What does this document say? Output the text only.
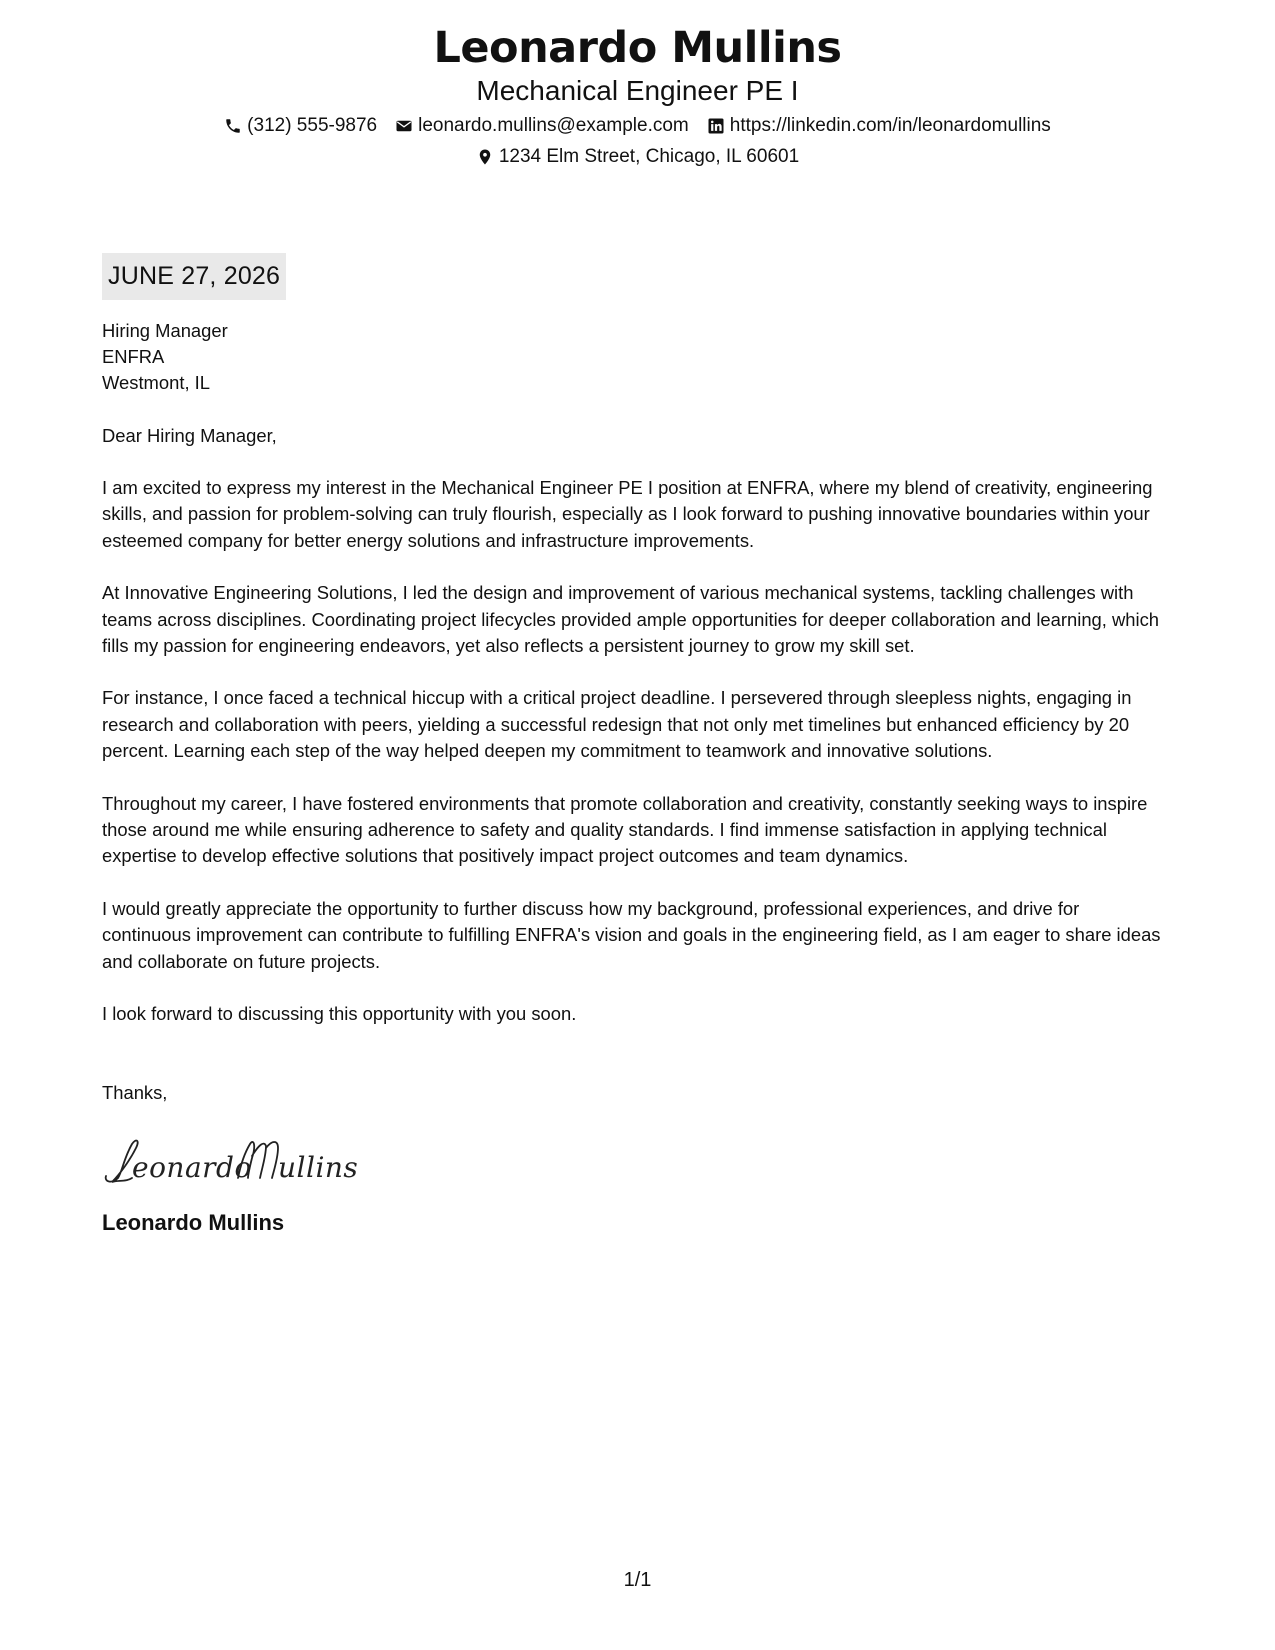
Leonardo Mullins
Mechanical Engineer PE I
(312) 555-9876 leonardo.mullins@example.com https://linkedin.com/in/leonardomullins
1234 Elm Street, Chicago, IL 60601
JUNE 27, 2026
Hiring Manager
ENFRA
Westmont, IL
Dear Hiring Manager,
I am excited to express my interest in the Mechanical Engineer PE I position at ENFRA, where my blend of creativity, engineering skills, and passion for problem-solving can truly flourish, especially as I look forward to pushing innovative boundaries within your esteemed company for better energy solutions and infrastructure improvements.
At Innovative Engineering Solutions, I led the design and improvement of various mechanical systems, tackling challenges with teams across disciplines. Coordinating project lifecycles provided ample opportunities for deeper collaboration and learning, which fills my passion for engineering endeavors, yet also reflects a persistent journey to grow my skill set.
For instance, I once faced a technical hiccup with a critical project deadline. I persevered through sleepless nights, engaging in research and collaboration with peers, yielding a successful redesign that not only met timelines but enhanced efficiency by 20 percent. Learning each step of the way helped deepen my commitment to teamwork and innovative solutions.
Throughout my career, I have fostered environments that promote collaboration and creativity, constantly seeking ways to inspire those around me while ensuring adherence to safety and quality standards. I find immense satisfaction in applying technical expertise to develop effective solutions that positively impact project outcomes and team dynamics.
I would greatly appreciate the opportunity to further discuss how my background, professional experiences, and drive for continuous improvement can contribute to fulfilling ENFRA's vision and goals in the engineering field, as I am eager to share ideas and collaborate on future projects.
I look forward to discussing this opportunity with you soon.
Thanks,
eonardo ullins
Leonardo Mullins
1/1
